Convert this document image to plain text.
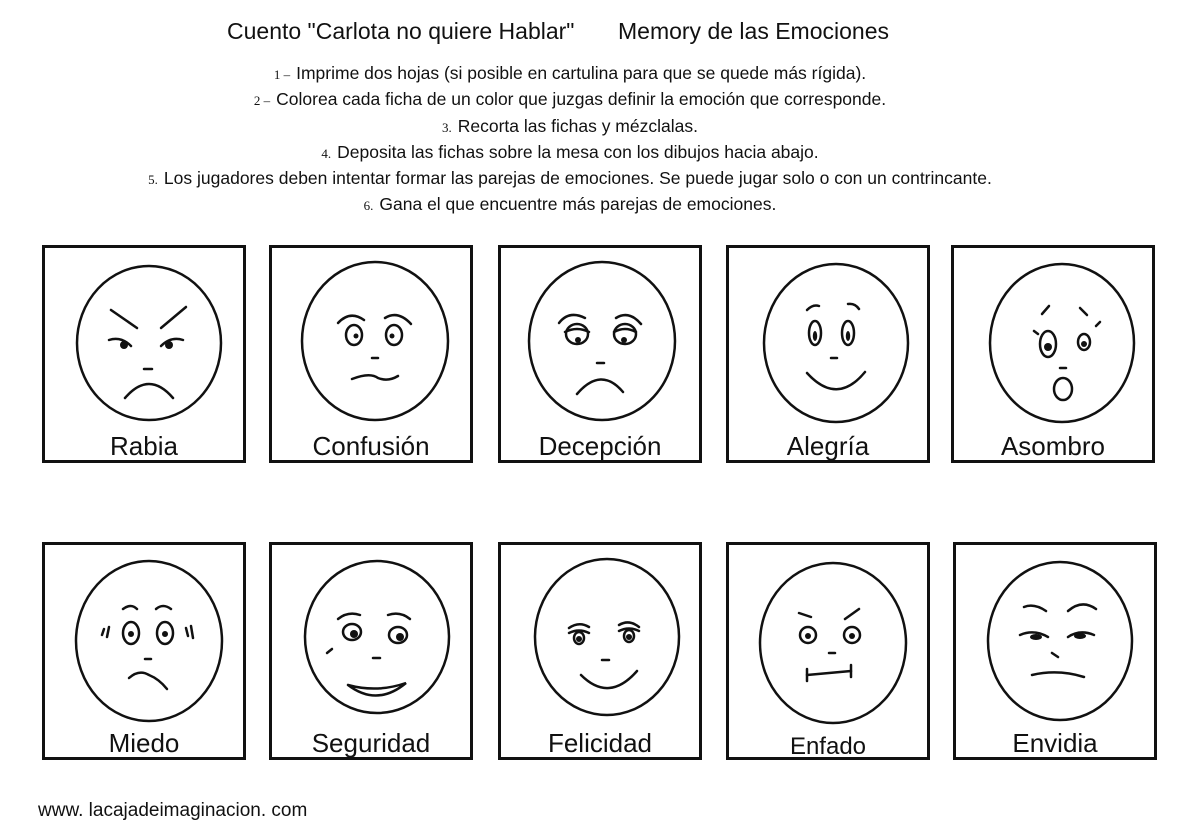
Cuento "Carlota no quiere Hablar" Memory de las Emociones
1 – Imprime dos hojas (si posible en cartulina para que se quede más rígida).
2 – Colorea cada ficha de un color que juzgas definir la emoción que corresponde.
3. Recorta las fichas y mézclalas.
4. Deposita las fichas sobre la mesa con los dibujos hacia abajo.
5. Los jugadores deben intentar formar las parejas de emociones. Se puede jugar solo o con un contrincante.
6. Gana el que encuentre más parejas de emociones.
Rabia	Confusión	Decepción	Alegría	Asombro
Miedo	Seguridad	Felicidad	Enfado	Envidia
www. lacajadeimaginacion. com
